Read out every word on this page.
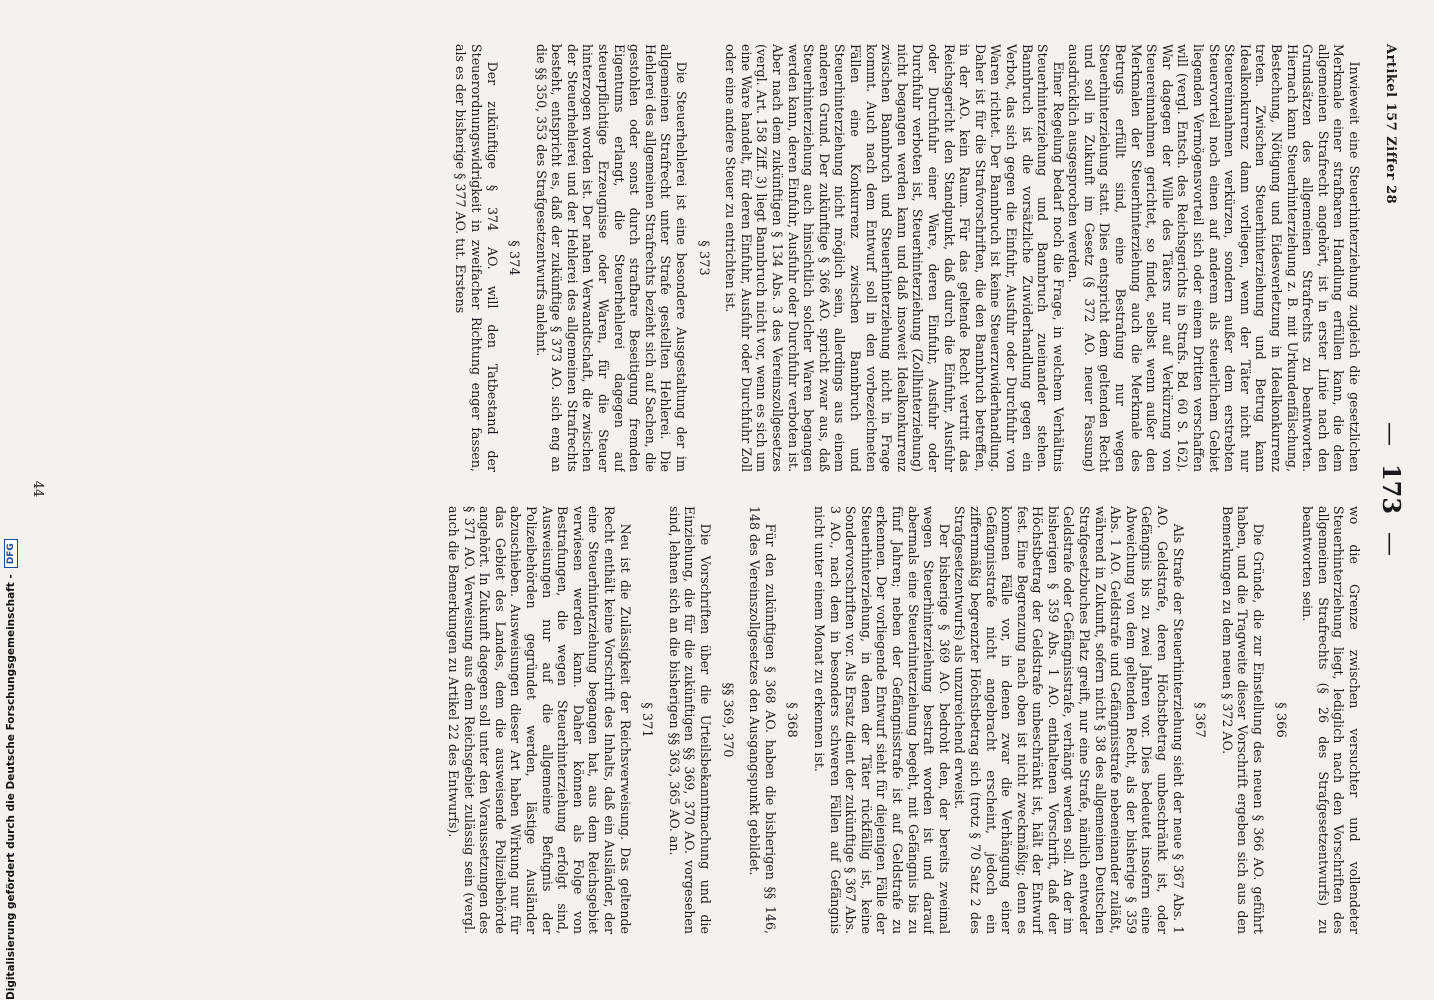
Artikel 157 Ziffer 28
—173—

Inwieweit eine Steuerhinterziehung zugleich die gesetzlichen Merkmale einer strafbaren Handlung erfüllen kann, die dem allgemeinen Strafrecht angehört, ist in erster Linie nach den Grundsätzen des allgemeinen Strafrechts zu beantworten. Hiernach kann Steuerhinterziehung z. B. mit Urkundenfälschung, Bestechung, Nötigung und Eidesverletzung in Idealkonkurrenz treten. Zwischen Steuerhinterziehung und Betrug kann Idealkonkurrenz dann vorliegen, wenn der Täter nicht nur Steuereinnahmen verkürzen, sondern außer dem erstrebten Steuervorteil noch einen auf anderem als steuerlichem Gebiet liegenden Vermögensvorteil sich oder einem Dritten verschaffen will (vergl. Entsch. des Reichsgerichts in Strafs. Bd. 60 S. 162). War dagegen der Wille des Täters nur auf Verkürzung von Steuereinnahmen gerichtet, so findet, selbst wenn außer den Merkmalen der Steuerhinterziehung auch die Merkmale des Betrugs erfüllt sind, eine Bestrafung nur wegen Steuerhinterziehung statt. Dies entspricht dem geltenden Recht und soll in Zukunft im Gesetz (§ 372 AO. neuer Fassung) ausdrücklich ausgesprochen werden.

Einer Regelung bedarf noch die Frage, in welchem Verhältnis Steuerhinterziehung und Bannbruch zueinander stehen. Bannbruch ist die vorsätzliche Zuwiderhandlung gegen ein Verbot, das sich gegen die Einfuhr, Ausfuhr oder Durchfuhr von Waren richtet. Der Bannbruch ist keine Steuerzuwiderhandlung. Daher ist für die Strafvorschriften, die den Bannbruch betreffen, in der AO. kein Raum. Für das geltende Recht vertritt das Reichsgericht den Standpunkt, daß durch die Einfuhr, Ausfuhr oder Durchfuhr einer Ware, deren Einfuhr, Ausfuhr oder Durchfuhr verboten ist, Steuerhinterziehung (Zollhinterziehung) nicht begangen werden kann und daß insoweit Idealkonkurrenz zwischen Bannbruch und Steuerhinterziehung nicht in Frage kommt. Auch nach dem Entwurf soll in den vorbezeichneten Fällen eine Konkurrenz zwischen Bannbruch und Steuerhinterziehung nicht möglich sein, allerdings aus einem anderen Grund. Der zukünftige § 366 AO. spricht zwar aus, daß Steuerhinterziehung auch hinsichtlich solcher Waren begangen werden kann, deren Einfuhr, Ausfuhr oder Durchfuhr verboten ist. Aber nach dem zukünftigen § 134 Abs. 3 des Vereinszollgesetzes (vergl. Art. 158 Ziff. 3) liegt Bannbruch nicht vor, wenn es sich um eine Ware handelt, für deren Einfuhr, Ausfuhr oder Durchfuhr Zoll oder eine andere Steuer zu entrichten ist.

§ 373

Die Steuerhehlerei ist eine besondere Ausgestaltung der im allgemeinen Strafrecht unter Strafe gestellten Hehlerei. Die Hehlerei des allgemeinen Strafrechts bezieht sich auf Sachen, die gestohlen oder sonst durch strafbare Beseitigung fremden Eigentums erlangt, die Steuerhehlerei dagegen auf steuerpflichtige Erzeugnisse oder Waren, für die Steuer hinterzogen worden ist. Der nahen Verwandtschaft, die zwischen der Steuerhehlerei und der Hehlerei des allgemeinen Strafrechts besteht, entspricht es, daß der zukünftige § 373 AO. sich eng an die §§ 350, 353 des Strafgesetzentwurfs anlehnt.

§ 374

Der zukünftige § 374 AO. will den Tatbestand der Steuerordnungswidrigkeit in zweifacher Richtung enger fassen, als es der bisherige § 377 AO. tut. Erstens

wo die Grenze zwischen versuchter und vollendeter Steuerhinterziehung liegt, lediglich nach den Vorschriften des allgemeinen Strafrechts (§ 26 des Strafgesetzentwurfs) zu beantworten sein.

§ 366

Die Gründe, die zur Einstellung des neuen § 366 AO. geführt haben, und die Tragweite dieser Vorschrift ergeben sich aus den Bemerkungen zu dem neuen § 372 AO.

§ 367

Als Strafe der Steuerhinterziehung sieht der neue § 367 Abs. 1 AO. Geldstrafe, deren Höchstbetrag unbeschränkt ist, oder Gefängnis bis zu zwei Jahren vor. Dies bedeutet insofern eine Abweichung von dem geltenden Recht, als der bisherige § 359 Abs. 1 AO. Geldstrafe und Gefängnisstrafe nebeneinander zuläßt, während in Zukunft, sofern nicht § 38 des allgemeinen Deutschen Strafgesetzbuches Platz greift, nur eine Strafe, nämlich entweder Geldstrafe oder Gefängnisstrafe, verhängt werden soll. An der im bisherigen § 359 Abs. 1 AO. enthaltenen Vorschrift, daß der Höchstbetrag der Geldstrafe unbeschränkt ist, hält der Entwurf fest. Eine Begrenzung nach oben ist nicht zweckmäßig; denn es kommen Fälle vor, in denen zwar die Verhängung einer Gefängnisstrafe nicht angebracht erscheint, jedoch ein ziffernmäßig begrenzter Höchstbetrag sich (trotz § 70 Satz 2 des Strafgesetzentwurfs) als unzureichend erweist.

Der bisherige § 369 AO. bedroht den, der bereits zweimal wegen Steuerhinterziehung bestraft worden ist und darauf abermals eine Steuerhinterziehung begeht, mit Gefängnis bis zu fünf Jahren; neben der Gefängnisstrafe ist auf Geldstrafe zu erkennen. Der vorliegende Entwurf sieht für diejenigen Fälle der Steuerhinterziehung, in denen der Täter rückfällig ist, keine Sondervorschriften vor. Als Ersatz dient der zukünftige § 367 Abs. 3 AO., nach dem in besonders schweren Fällen auf Gefängnis nicht unter einem Monat zu erkennen ist.

§ 368

Für den zukünftigen § 368 AO. haben die bisherigen §§ 146, 148 des Vereinszollgesetzes den Ausgangspunkt gebildet.

§§ 369, 370

Die Vorschriften über die Urteilsbekanntmachung und die Einziehung, die für die zukünftigen §§ 369, 370 AO. vorgesehen sind, lehnen sich an die bisherigen §§ 363, 365 AO. an.

§ 371

Neu ist die Zulässigkeit der Reichsverweisung. Das geltende Recht enthält keine Vorschrift des Inhalts, daß ein Ausländer, der eine Steuerhinterziehung begangen hat, aus dem Reichsgebiet verwiesen werden kann. Daher können als Folge von Bestrafungen, die wegen Steuerhinterziehung erfolgt sind, Ausweisungen nur auf die allgemeine Befugnis der Polizeibehörden gegründet werden, lästige Ausländer abzuschieben. Ausweisungen dieser Art haben Wirkung nur für das Gebiet des Landes, dem die ausweisende Polizeibehörde angehört. In Zukunft dagegen soll unter den Voraussetzungen des § 371 AO. Verweisung aus dem Reichsgebiet zulässig sein (vergl. auch die Bemerkungen zu Artikel 22 des Entwurfs).

44
Digitalisierung gefördert durch die Deutsche Forschungsgemeinschaft -DFG
